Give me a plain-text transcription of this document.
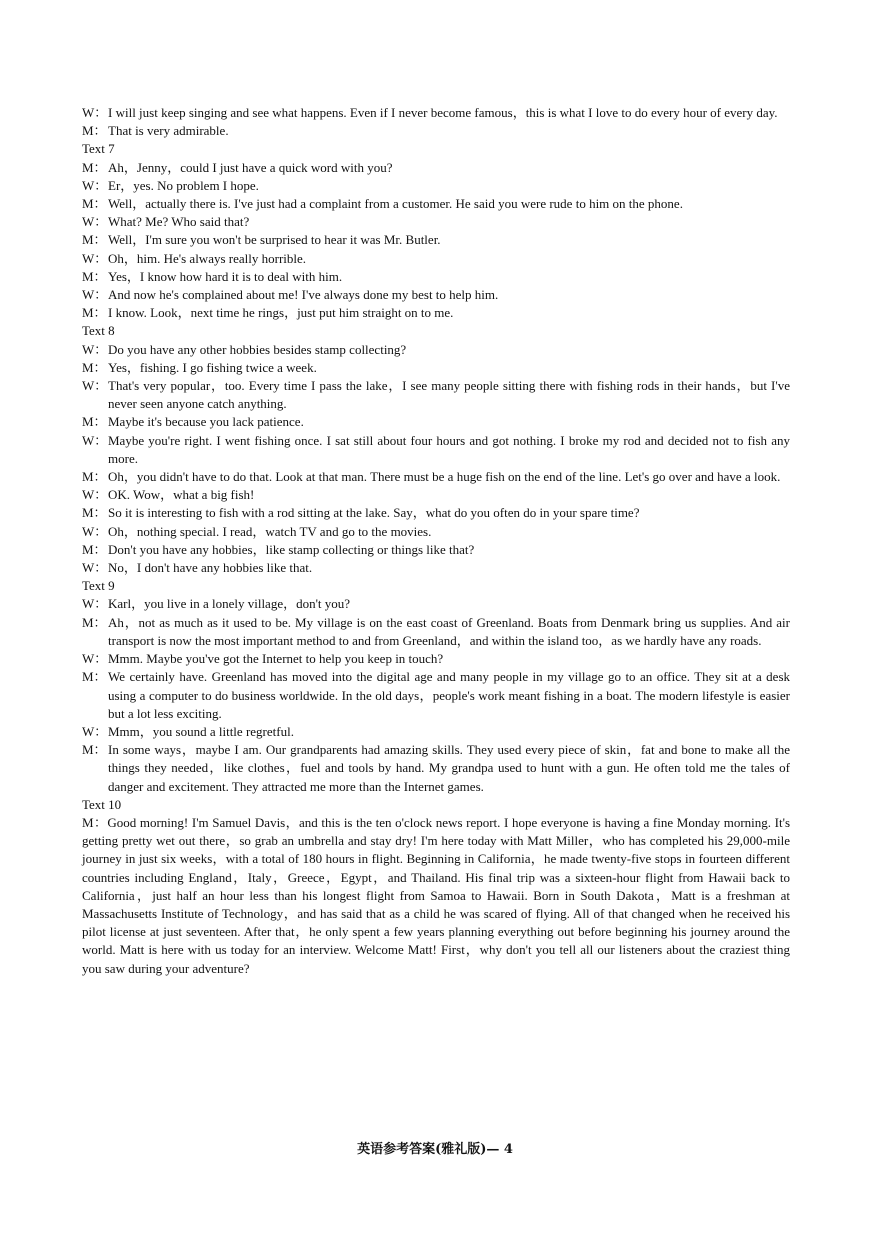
W： I will just keep singing and see what happens. Even if I never become famous，this is what I love to do every hour of every day.
M： That is very admirable.
Text 7
M： Ah，Jenny，could I just have a quick word with you?
W： Er，yes. No problem I hope.
M： Well，actually there is. I've just had a complaint from a customer. He said you were rude to him on the phone.
W： What? Me? Who said that?
M： Well，I'm sure you won't be surprised to hear it was Mr. Butler.
W： Oh，him. He's always really horrible.
M： Yes，I know how hard it is to deal with him.
W： And now he's complained about me! I've always done my best to help him.
M： I know. Look，next time he rings，just put him straight on to me.
Text 8
W： Do you have any other hobbies besides stamp collecting?
M： Yes，fishing. I go fishing twice a week.
W： That's very popular，too. Every time I pass the lake，I see many people sitting there with fishing rods in their hands，but I've never seen anyone catch anything.
M： Maybe it's because you lack patience.
W： Maybe you're right. I went fishing once. I sat still about four hours and got nothing. I broke my rod and decided not to fish any more.
M： Oh，you didn't have to do that. Look at that man. There must be a huge fish on the end of the line. Let's go over and have a look.
W： OK. Wow，what a big fish!
M： So it is interesting to fish with a rod sitting at the lake. Say，what do you often do in your spare time?
W： Oh，nothing special. I read，watch TV and go to the movies.
M： Don't you have any hobbies，like stamp collecting or things like that?
W： No，I don't have any hobbies like that.
Text 9
W： Karl，you live in a lonely village，don't you?
M： Ah，not as much as it used to be. My village is on the east coast of Greenland. Boats from Denmark bring us supplies. And air transport is now the most important method to and from Greenland，and within the island too，as we hardly have any roads.
W： Mmm. Maybe you've got the Internet to help you keep in touch?
M： We certainly have. Greenland has moved into the digital age and many people in my village go to an office. They sit at a desk using a computer to do business worldwide. In the old days，people's work meant fishing in a boat. The modern lifestyle is easier but a lot less exciting.
W： Mmm，you sound a little regretful.
M： In some ways，maybe I am. Our grandparents had amazing skills. They used every piece of skin，fat and bone to make all the things they needed，like clothes，fuel and tools by hand. My grandpa used to hunt with a gun. He often told me the tales of danger and excitement. They attracted me more than the Internet games.
Text 10
M：Good morning! I'm Samuel Davis，and this is the ten o'clock news report. I hope everyone is having a fine Monday morning. It's getting pretty wet out there，so grab an umbrella and stay dry! I'm here today with Matt Miller，who has completed his 29,000-mile journey in just six weeks，with a total of 180 hours in flight. Beginning in California，he made twenty-five stops in fourteen different countries including England，Italy，Greece，Egypt，and Thailand. His final trip was a sixteen-hour flight from Hawaii back to California，just half an hour less than his longest flight from Samoa to Hawaii. Born in South Dakota，Matt is a freshman at Massachusetts Institute of Technology，and has said that as a child he was scared of flying. All of that changed when he received his pilot license at just seventeen. After that，he only spent a few years planning everything out before beginning his journey around the world. Matt is here with us today for an interview. Welcome Matt! First，why don't you tell all our listeners about the craziest thing you saw during your adventure?
英语参考答案(雅礼版)— 4
